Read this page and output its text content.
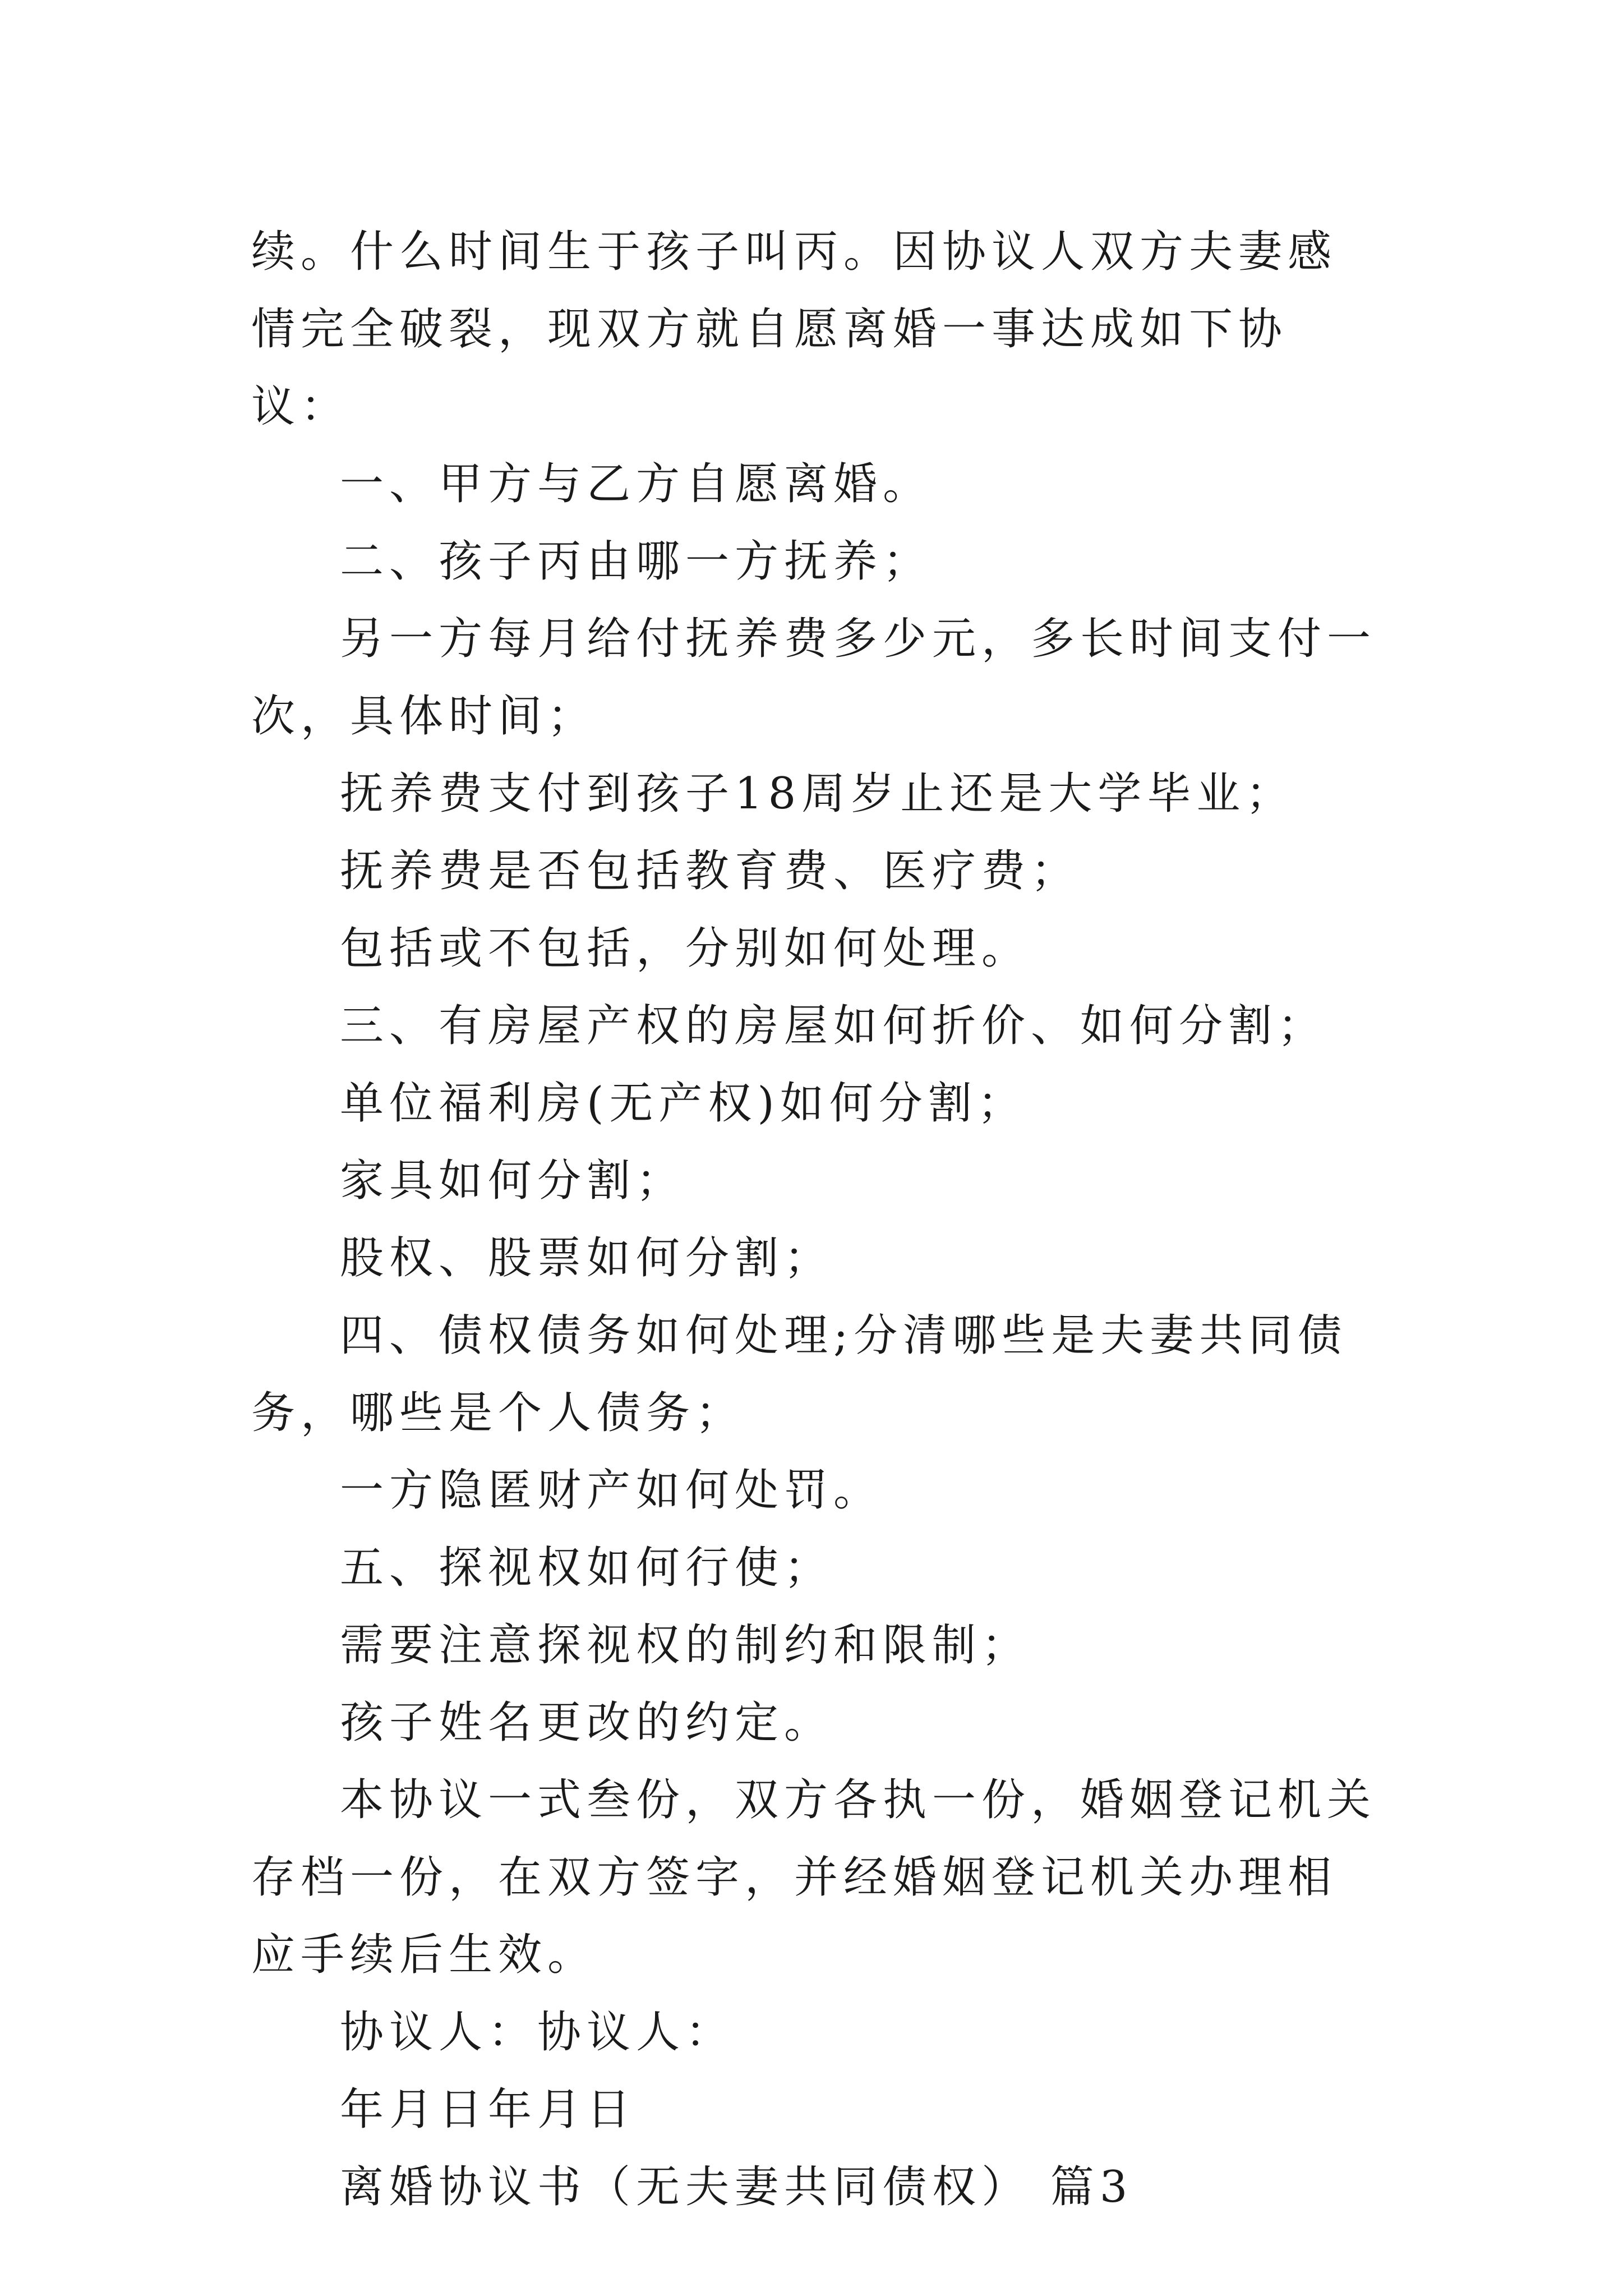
续。什么时间生于孩子叫丙。因协议人双方夫妻感情完全破裂，现双方就自愿离婚一事达成如下协议：

一、甲方与乙方自愿离婚。

二、孩子丙由哪一方抚养；

另一方每月给付抚养费多少元，多长时间支付一次，具体时间；

抚养费支付到孩子18周岁止还是大学毕业；

抚养费是否包括教育费、医疗费；

包括或不包括，分别如何处理。

三、有房屋产权的房屋如何折价、如何分割；

单位福利房(无产权)如何分割；

家具如何分割；

股权、股票如何分割；

四、债权债务如何处理;分清哪些是夫妻共同债务，哪些是个人债务；

一方隐匿财产如何处罚。

五、探视权如何行使；

需要注意探视权的制约和限制；

孩子姓名更改的约定。

本协议一式叁份，双方各执一份，婚姻登记机关存档一份，在双方签字，并经婚姻登记机关办理相应手续后生效。

协议人：协议人：

年月日年月日

离婚协议书（无夫妻共同债权） 篇3
